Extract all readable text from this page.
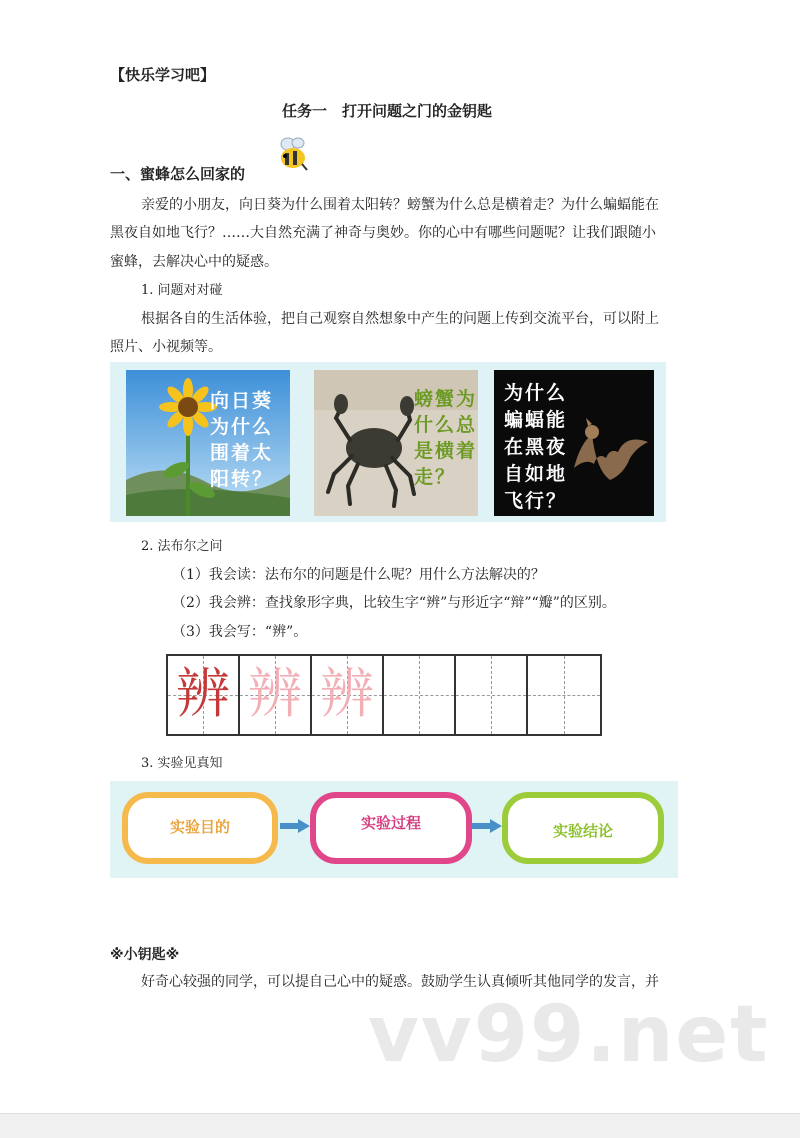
【快乐学习吧】
任务一　打开问题之门的金钥匙
一、蜜蜂怎么回家的
亲爱的小朋友，向日葵为什么围着太阳转？螃蟹为什么总是横着走？为什么蝙蝠能在
黑夜自如地飞行？……大自然充满了神奇与奥妙。你的心中有哪些问题呢？让我们跟随小
蜜蜂，去解决心中的疑惑。
1. 问题对对碰
根据各自的生活体验，把自己观察自然想象中产生的问题上传到交流平台，可以附上
照片、小视频等。
向日葵
为什么
围着太
阳转？
螃蟹为
什么总
是横着
走？
为什么
蝙蝠能
在黑夜
自如地
飞行？
2. 法布尔之问
（1）我会读：法布尔的问题是什么呢？用什么方法解决的？
（2）我会辨：查找象形字典，比较生字“辨”与形近字“辩”“瓣”的区别。
（3）我会写：“辨”。
辨 辨 辨
3. 实验见真知
实验目的	实验过程	实验结论
※小钥匙※
好奇心较强的同学，可以提自己心中的疑惑。鼓励学生认真倾听其他同学的发言，并
vv99.net
